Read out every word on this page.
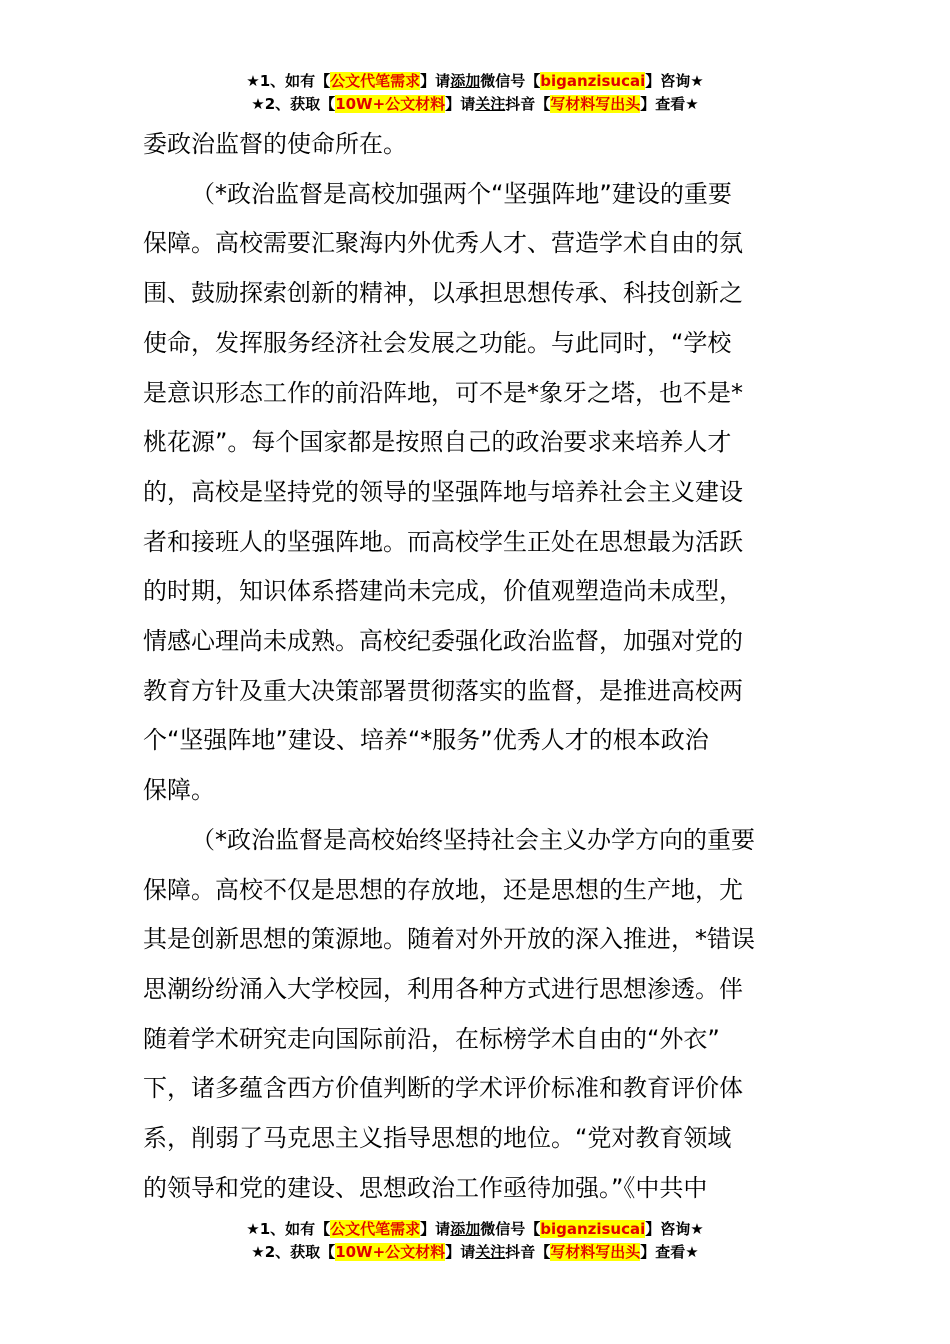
★1、如有【公文代笔需求】请添加微信号【biganzisucai】咨询★
★2、获取【10W+公文材料】请关注抖音【写材料写出头】查看★
委政治监督的使命所在。
（*政治监督是高校加强两个“坚强阵地”建设的重要
保障。高校需要汇聚海内外优秀人才、营造学术自由的氛
围、鼓励探索创新的精神，以承担思想传承、科技创新之
使命，发挥服务经济社会发展之功能。与此同时，“学校
是意识形态工作的前沿阵地，可不是*象牙之塔，也不是*
桃花源”。每个国家都是按照自己的政治要求来培养人才
的，高校是坚持党的领导的坚强阵地与培养社会主义建设
者和接班人的坚强阵地。而高校学生正处在思想最为活跃
的时期，知识体系搭建尚未完成，价值观塑造尚未成型，
情感心理尚未成熟。高校纪委强化政治监督，加强对党的
教育方针及重大决策部署贯彻落实的监督，是推进高校两
个“坚强阵地”建设、培养“*服务”优秀人才的根本政治
保障。
（*政治监督是高校始终坚持社会主义办学方向的重要
保障。高校不仅是思想的存放地，还是思想的生产地，尤
其是创新思想的策源地。随着对外开放的深入推进，*错误
思潮纷纷涌入大学校园，利用各种方式进行思想渗透。伴
随着学术研究走向国际前沿，在标榜学术自由的“外衣”
下，诸多蕴含西方价值判断的学术评价标准和教育评价体
系，削弱了马克思主义指导思想的地位。“党对教育领域
的领导和党的建设、思想政治工作亟待加强。”《中共中
★1、如有【公文代笔需求】请添加微信号【biganzisucai】咨询★
★2、获取【10W+公文材料】请关注抖音【写材料写出头】查看★
